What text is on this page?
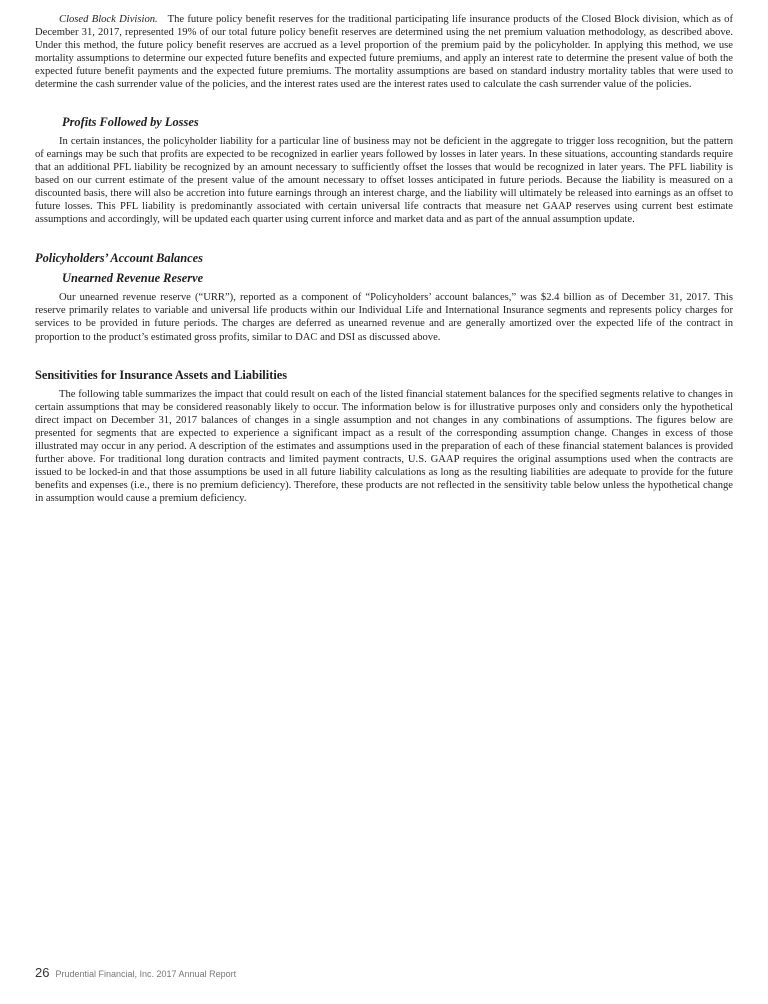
Closed Block Division. The future policy benefit reserves for the traditional participating life insurance products of the Closed Block division, which as of December 31, 2017, represented 19% of our total future policy benefit reserves are determined using the net premium valuation methodology, as described above. Under this method, the future policy benefit reserves are accrued as a level proportion of the premium paid by the policyholder. In applying this method, we use mortality assumptions to determine our expected future benefits and expected future premiums, and apply an interest rate to determine the present value of both the expected future benefit payments and the expected future premiums. The mortality assumptions are based on standard industry mortality tables that were used to determine the cash surrender value of the policies, and the interest rates used are the interest rates used to calculate the cash surrender value of the policies.

Profits Followed by Losses

In certain instances, the policyholder liability for a particular line of business may not be deficient in the aggregate to trigger loss recognition, but the pattern of earnings may be such that profits are expected to be recognized in earlier years followed by losses in later years. In these situations, accounting standards require that an additional PFL liability be recognized by an amount necessary to sufficiently offset the losses that would be recognized in later years. The PFL liability is based on our current estimate of the present value of the amount necessary to offset losses anticipated in future periods. Because the liability is measured on a discounted basis, there will also be accretion into future earnings through an interest charge, and the liability will ultimately be released into earnings as an offset to future losses. This PFL liability is predominantly associated with certain universal life contracts that measure net GAAP reserves using current best estimate assumptions and accordingly, will be updated each quarter using current inforce and market data and as part of the annual assumption update.

Policyholders’ Account Balances
Unearned Revenue Reserve

Our unearned revenue reserve (“URR”), reported as a component of “Policyholders’ account balances,” was $2.4 billion as of December 31, 2017. This reserve primarily relates to variable and universal life products within our Individual Life and International Insurance segments and represents policy charges for services to be provided in future periods. The charges are deferred as unearned revenue and are generally amortized over the expected life of the contract in proportion to the product’s estimated gross profits, similar to DAC and DSI as discussed above.

Sensitivities for Insurance Assets and Liabilities

The following table summarizes the impact that could result on each of the listed financial statement balances for the specified segments relative to changes in certain assumptions that may be considered reasonably likely to occur. The information below is for illustrative purposes only and considers only the hypothetical direct impact on December 31, 2017 balances of changes in a single assumption and not changes in any combinations of assumptions. The figures below are presented for segments that are expected to experience a significant impact as a result of the corresponding assumption change. Changes in excess of those illustrated may occur in any period. A description of the estimates and assumptions used in the preparation of each of these financial statement balances is provided further above. For traditional long duration contracts and limited payment contracts, U.S. GAAP requires the original assumptions used when the contracts are issued to be locked-in and that those assumptions be used in all future liability calculations as long as the resulting liabilities are adequate to provide for the future benefits and expenses (i.e., there is no premium deficiency). Therefore, these products are not reflected in the sensitivity table below unless the hypothetical change in assumption would cause a premium deficiency.

26 Prudential Financial, Inc. 2017 Annual Report
